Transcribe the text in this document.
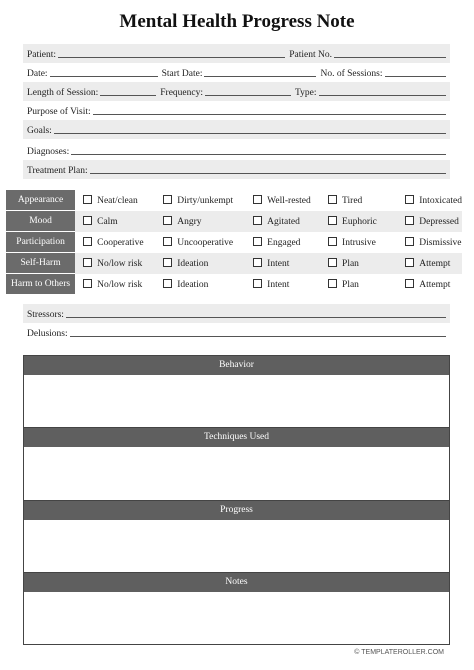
Mental Health Progress Note
Patient:	Patient No.
Date:	Start Date:	No. of Sessions:
Length of Session:	Frequency:	Type:
Purpose of Visit:
Goals:
Diagnoses:
Treatment Plan:
Appearance	Neat/clean	Dirty/unkempt	Well-rested	Tired	Intoxicated
Mood	Calm	Angry	Agitated	Euphoric	Depressed
Participation	Cooperative	Uncooperative	Engaged	Intrusive	Dismissive
Self-Harm	No/low risk	Ideation	Intent	Plan	Attempt
Harm to Others	No/low risk	Ideation	Intent	Plan	Attempt
Stressors:
Delusions:
Behavior
Techniques Used
Progress
Notes
© TEMPLATEROLLER.COM
